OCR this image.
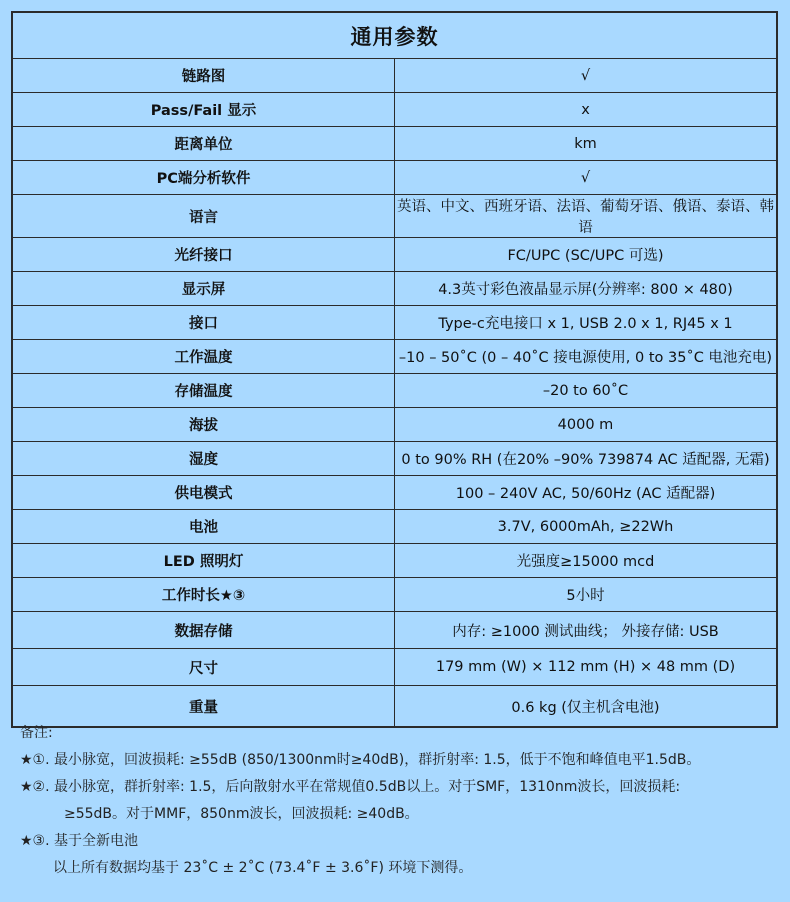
通用参数	
链路图	√
Pass/Fail 显示	x
距离单位	km
PC端分析软件	√
语言	英语、中文、西班牙语、法语、葡萄牙语、俄语、泰语、韩语
光纤接口	FC/UPC (SC/UPC 可选)
显示屏	4.3英寸彩色液晶显示屏(分辨率: 800 × 480)
接口	Type-c充电接口 x 1, USB 2.0 x 1, RJ45 x 1
工作温度	–10 – 50˚C (0 – 40˚C 接电源使用, 0 to 35˚C 电池充电)
存储温度	–20 to 60˚C
海拔	4000 m
湿度	0 to 90% RH (在20% –90% 739874 AC 适配器, 无霜)
供电模式	100 – 240V AC, 50/60Hz (AC 适配器)
电池	3.7V, 6000mAh, ≥22Wh
LED 照明灯	光强度≥15000 mcd
工作时长★③	5小时
数据存储	内存: ≥1000 测试曲线； 外接存储: USB
尺寸	179 mm (W) × 112 mm (H) × 48 mm (D)
重量	0.6 kg (仅主机含电池)
备注:
★①. 最小脉宽，回波损耗: ≥55dB (850/1300nm时≥40dB)，群折射率: 1.5，低于不饱和峰值电平1.5dB。
★②. 最小脉宽，群折射率: 1.5，后向散射水平在常规值0.5dB以上。对于SMF，1310nm波长，回波损耗:
≥55dB。对于MMF，850nm波长，回波损耗: ≥40dB。
★③. 基于全新电池
以上所有数据均基于 23˚C ± 2˚C (73.4˚F ± 3.6˚F) 环境下测得。
